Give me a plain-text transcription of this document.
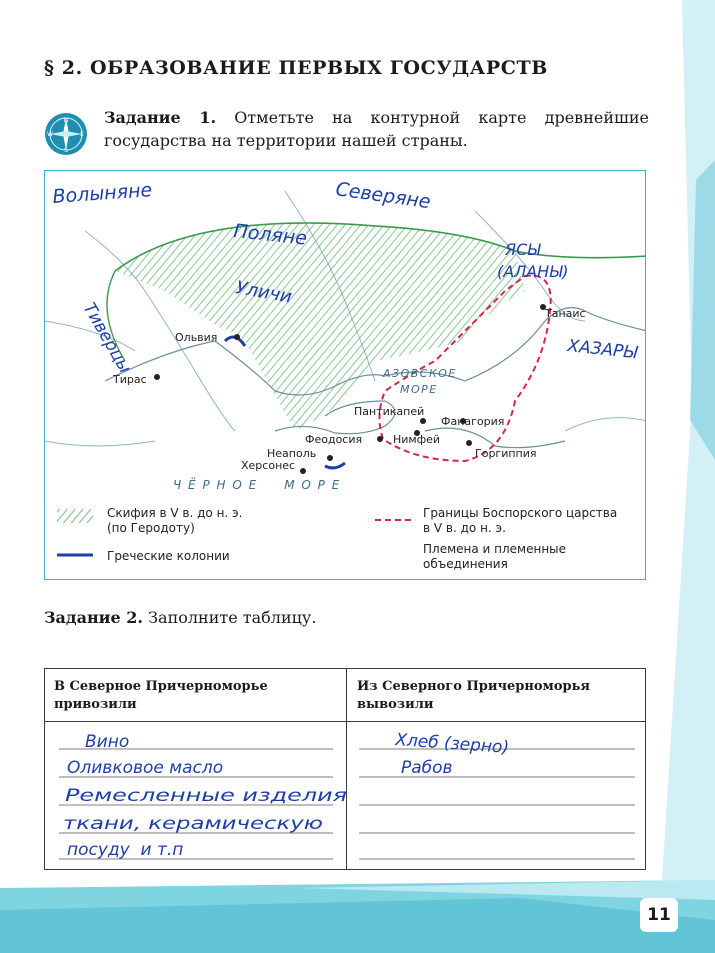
§ 2. ОБРАЗОВАНИЕ ПЕРВЫХ ГОСУДАРСТВ
N
S
W	E
Задание 1. Отметьте на контурной карте древнейшие государства на территории нашей страны.
Ольвия
Тирас
Танаис
Пантикапей
Фанагория
Нимфей
Феодосия
Неаполь
Херсонес
Горгиппия
АЗОВСКОЕ
МОРЕ
Ч Ё Р Н О Е     М О Р Е
Волыняне	Северяне
Поляне
Уличи
Тиверцы
ЯСЫ
(АЛАНЫ)
ХАЗАРЫ
Скифия в V в. до н. э.
(по Геродоту)
Греческие колонии
Границы Боспорского царства
в V в. до н. э.
Племена и племенные
объединения
Задание 2. Заполните таблицу.
В Северное Причерноморье привозили
Из Северного Причерноморья вывозили
Вино
Оливковое масло
Ремесленные изделия
ткани, керамическую
посуду  и т.п
Хлеб (зерно)
Рабов
11
